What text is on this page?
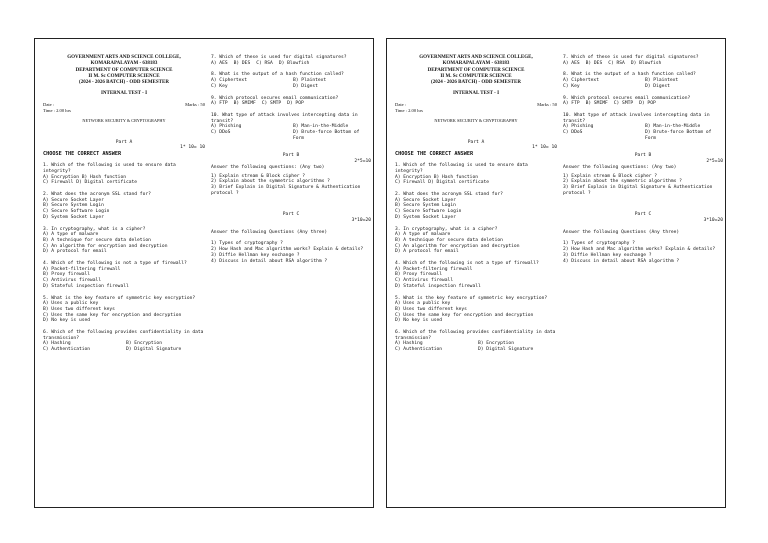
GOVERNMENT ARTS AND SCIENCE COLLEGE,
KOMARAPALAYAM - 638183
DEPARTMENT OF COMPUTER SCIENCE
II M. Sc COMPUTER SCIENCE
(2024 - 2026 BATCH) - ODD SEMESTER
INTERNAL TEST - I
Date :	Marks : 50
Time : 2.00 hrs
NETWORK SECURITY & CRYPTOGRAPHY
Part A
1* 10= 10
CHOOSE THE CORRECT ANSWER
1. Which of the following is used to ensure data integrity?
A) Encryption B) Hash function
C) Firewall D) Digital certificate
2. What does the acronym SSL stand for?
A) Secure Socket Layer
B) Secure System Login
C) Secure Software Login
D) System Socket Layer
3. In cryptography, what is a cipher?
A) A type of malware
B) A technique for secure data deletion
C) An algorithm for encryption and decryption
D) A protocol for email
4. Which of the following is not a type of firewall?
A) Packet-filtering firewall
B) Proxy firewall
C) Antivirus firewall
D) Stateful inspection firewall
5. What is the key feature of symmetric key encryption?
A) Uses a public key
B) Uses two different keys
C) Uses the same key for encryption and decryption
D) No key is used
6. Which of the following provides confidentiality in data transmission?
A) Hashing	B) Encryption
C) Authentication	D) Digital Signature
7. Which of these is used for digital signatures?
A) AES B) DES C) RSA D) Blowfish
8. What is the output of a hash function called?
A) Ciphertext	B) Plaintext
C) Key	D) Digest
9. Which protocol secures email communication?
A) FTP B) SMIMF C) SMTP D) POP
10. What type of attack involves intercepting data in transit?
A) Phishing	B) Man-in-the-Middle
C) DDoS	D) Brute-force Bottom of Form
Part B
2*5=10
Answer the following questions: (Any two)
1) Explain stream & Block cipher ?
2) Explain about the symmetric algorithms ?
3) Brief Explain in Digital Signature & Authentication protocol ?
Part C
3*10=20
Answer the following Questions (Any three)
1) Types of cryptography ?
2) How Hash and Mac algorithm works? Explain & details?
3) Diffie Hellman key exchange ?
4) Discuss in detail about RSA algorithm ?
GOVERNMENT ARTS AND SCIENCE COLLEGE,
KOMARAPALAYAM - 638183
DEPARTMENT OF COMPUTER SCIENCE
II M. Sc COMPUTER SCIENCE
(2024 - 2026 BATCH) - ODD SEMESTER
INTERNAL TEST - I
Date :	Marks : 50
Time : 2.00 hrs
NETWORK SECURITY & CRYPTOGRAPHY
Part A
1* 10= 10
CHOOSE THE CORRECT ANSWER
1. Which of the following is used to ensure data integrity?
A) Encryption B) Hash function
C) Firewall D) Digital certificate
2. What does the acronym SSL stand for?
A) Secure Socket Layer
B) Secure System Login
C) Secure Software Login
D) System Socket Layer
3. In cryptography, what is a cipher?
A) A type of malware
B) A technique for secure data deletion
C) An algorithm for encryption and decryption
D) A protocol for email
4. Which of the following is not a type of firewall?
A) Packet-filtering firewall
B) Proxy firewall
C) Antivirus firewall
D) Stateful inspection firewall
5. What is the key feature of symmetric key encryption?
A) Uses a public key
B) Uses two different keys
C) Uses the same key for encryption and decryption
D) No key is used
6. Which of the following provides confidentiality in data transmission?
A) Hashing	B) Encryption
C) Authentication	D) Digital Signature
7. Which of these is used for digital signatures?
A) AES B) DES C) RSA D) Blowfish
8. What is the output of a hash function called?
A) Ciphertext	B) Plaintext
C) Key	D) Digest
9. Which protocol secures email communication?
A) FTP B) SMIMF C) SMTP D) POP
10. What type of attack involves intercepting data in transit?
A) Phishing	B) Man-in-the-Middle
C) DDoS	D) Brute-force Bottom of Form
Part B
2*5=10
Answer the following questions: (Any two)
1) Explain stream & Block cipher ?
2) Explain about the symmetric algorithms ?
3) Brief Explain in Digital Signature & Authentication protocol ?
Part C
3*10=20
Answer the following Questions (Any three)
1) Types of cryptography ?
2) How Hash and Mac algorithm works? Explain & details?
3) Diffie Hellman key exchange ?
4) Discuss in detail about RSA algorithm ?
